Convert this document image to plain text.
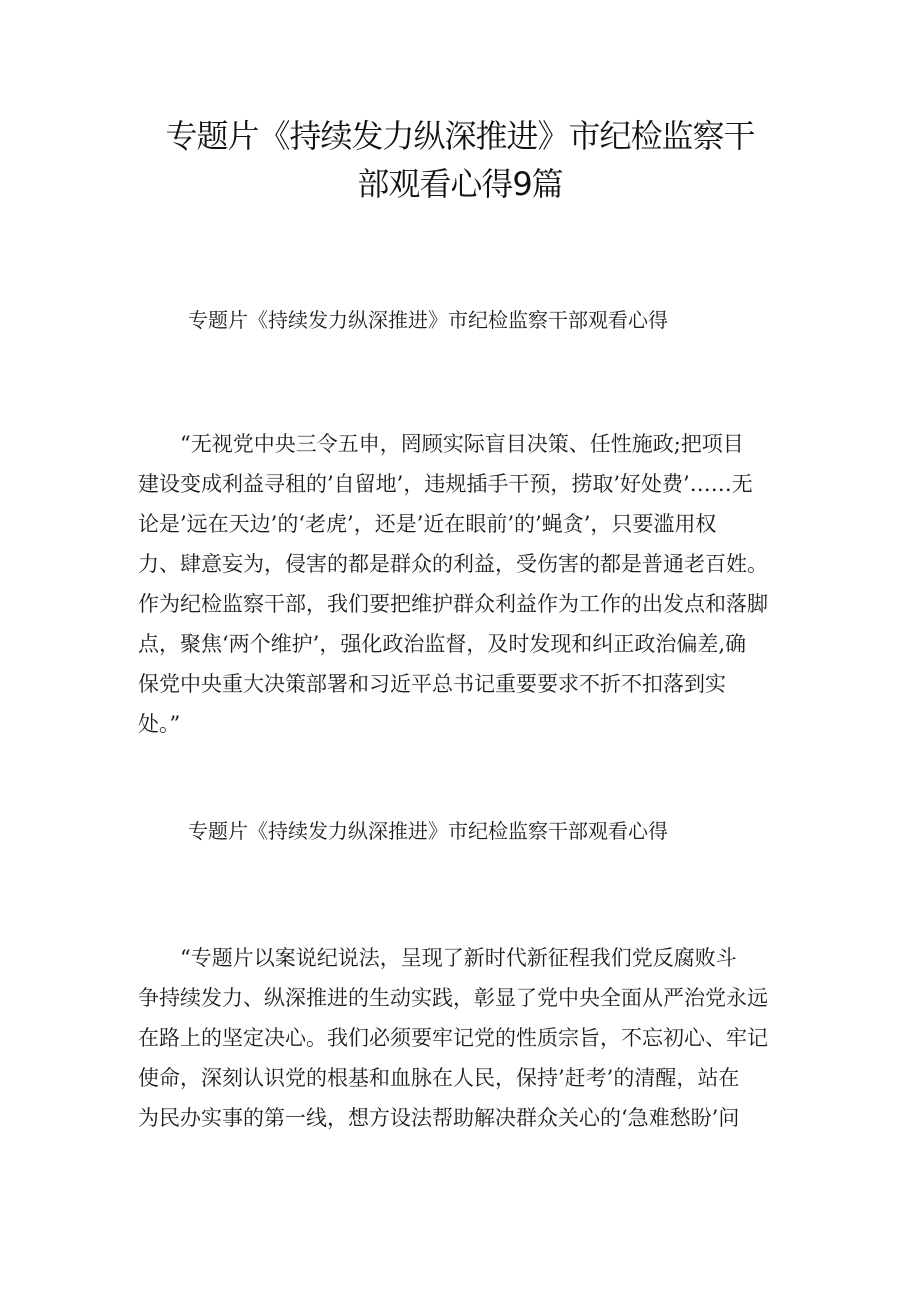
专题片《持续发力纵深推进》市纪检监察干
部观看心得9篇
专题片《持续发力纵深推进》市纪检监察干部观看心得

　　“无视党中央三令五申，罔顾实际盲目决策、任性施政;把项目
建设变成利益寻租的’自留地’，违规插手干预，捞取’好处费’……无
论是’远在天边’的‘老虎’，还是’近在眼前’的’蝇贪’，只要滥用权
力、肆意妄为，侵害的都是群众的利益，受伤害的都是普通老百姓。
作为纪检监察干部，我们要把维护群众利益作为工作的出发点和落脚
点，聚焦‘两个维护’，强化政治监督，及时发现和纠正政治偏差,确
保党中央重大决策部署和习近平总书记重要要求不折不扣落到实
处。”

专题片《持续发力纵深推进》市纪检监察干部观看心得

　　“专题片以案说纪说法，呈现了新时代新征程我们党反腐败斗
争持续发力、纵深推进的生动实践，彰显了党中央全面从严治党永远
在路上的坚定决心。我们必须要牢记党的性质宗旨，不忘初心、牢记
使命，深刻认识党的根基和血脉在人民，保持’赶考’的清醒，站在
为民办实事的第一线，想方设法帮助解决群众关心的‘急难愁盼’问
